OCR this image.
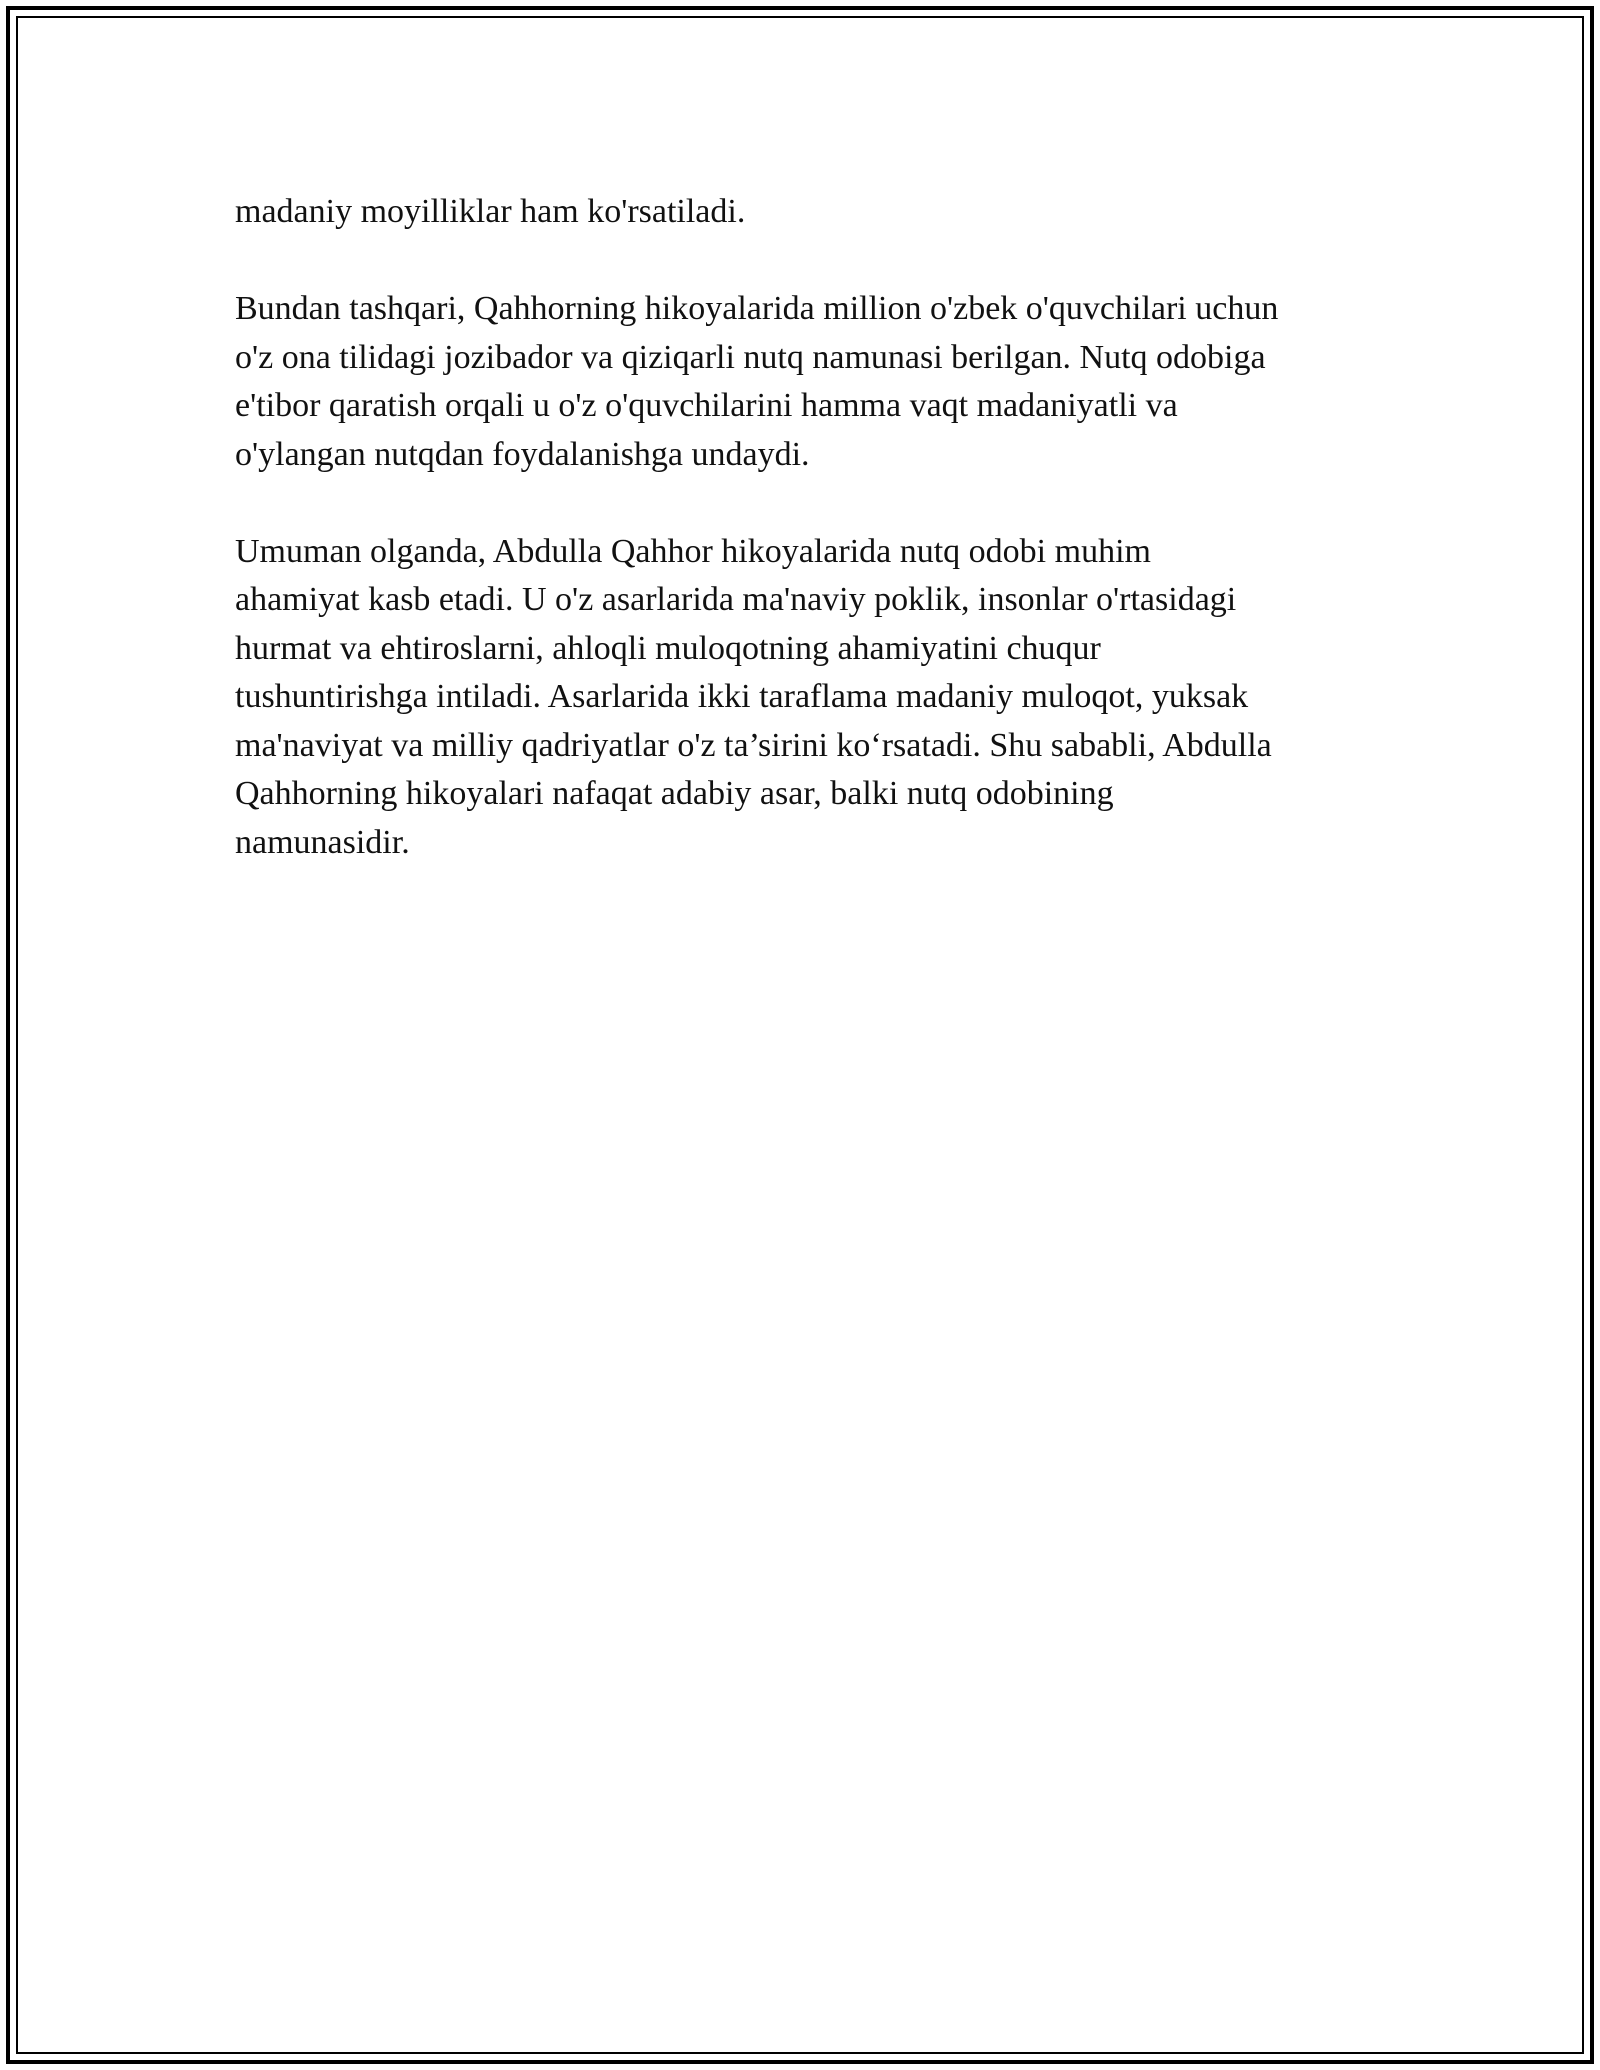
madaniy moyilliklar ham ko'rsatiladi.

Bundan tashqari, Qahhorning hikoyalarida million o'zbek o'quvchilari uchun
o'z ona tilidagi jozibador va qiziqarli nutq namunasi berilgan. Nutq odobiga
e'tibor qaratish orqali u o'z o'quvchilarini hamma vaqt madaniyatli va
o'ylangan nutqdan foydalanishga undaydi.

Umuman olganda, Abdulla Qahhor hikoyalarida nutq odobi muhim
ahamiyat kasb etadi. U o'z asarlarida ma'naviy poklik, insonlar o'rtasidagi
hurmat va ehtiroslarni, ahloqli muloqotning ahamiyatini chuqur
tushuntirishga intiladi. Asarlarida ikki taraflama madaniy muloqot, yuksak
ma'naviyat va milliy qadriyatlar o'z ta’sirini ko‘rsatadi. Shu sababli, Abdulla
Qahhorning hikoyalari nafaqat adabiy asar, balki nutq odobining
namunasidir.
